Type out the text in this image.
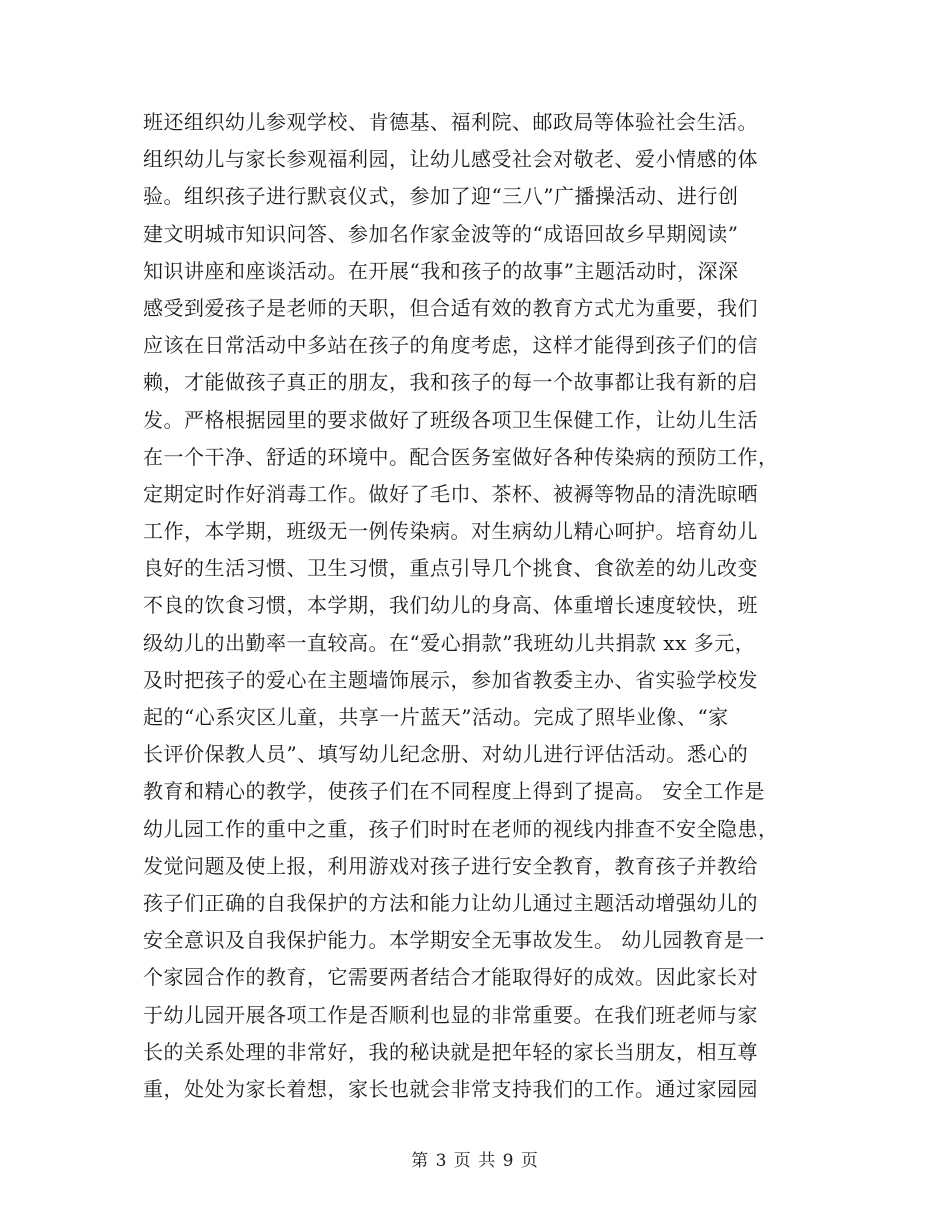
班还组织幼儿参观学校、肯德基、福利院、邮政局等体验社会生活。
组织幼儿与家长参观福利园，让幼儿感受社会对敬老、爱小情感的体
验。组织孩子进行默哀仪式，参加了迎“三八”广播操活动、进行创
建文明城市知识问答、参加名作家金波等的“成语回故乡早期阅读”
知识讲座和座谈活动。在开展“我和孩子的故事”主题活动时，深深
感受到爱孩子是老师的天职，但合适有效的教育方式尤为重要，我们
应该在日常活动中多站在孩子的角度考虑，这样才能得到孩子们的信
赖，才能做孩子真正的朋友，我和孩子的每一个故事都让我有新的启
发。严格根据园里的要求做好了班级各项卫生保健工作，让幼儿生活
在一个干净、舒适的环境中。配合医务室做好各种传染病的预防工作，
定期定时作好消毒工作。做好了毛巾、茶杯、被褥等物品的清洗晾晒
工作，本学期，班级无一例传染病。对生病幼儿精心呵护。培育幼儿
良好的生活习惯、卫生习惯，重点引导几个挑食、食欲差的幼儿改变
不良的饮食习惯，本学期，我们幼儿的身高、体重增长速度较快，班
级幼儿的出勤率一直较高。在“爱心捐款”我班幼儿共捐款 xx 多元，
及时把孩子的爱心在主题墙饰展示，参加省教委主办、省实验学校发
起的“心系灾区儿童，共享一片蓝天”活动。完成了照毕业像、“家
长评价保教人员”、填写幼儿纪念册、对幼儿进行评估活动。悉心的
教育和精心的教学，使孩子们在不同程度上得到了提高。 安全工作是
幼儿园工作的重中之重，孩子们时时在老师的视线内排查不安全隐患，
发觉问题及使上报，利用游戏对孩子进行安全教育，教育孩子并教给
孩子们正确的自我保护的方法和能力让幼儿通过主题活动增强幼儿的
安全意识及自我保护能力。本学期安全无事故发生。 幼儿园教育是一
个家园合作的教育，它需要两者结合才能取得好的成效。因此家长对
于幼儿园开展各项工作是否顺利也显的非常重要。在我们班老师与家
长的关系处理的非常好，我的秘诀就是把年轻的家长当朋友，相互尊
重，处处为家长着想，家长也就会非常支持我们的工作。通过家园园
第 3 页 共 9 页
